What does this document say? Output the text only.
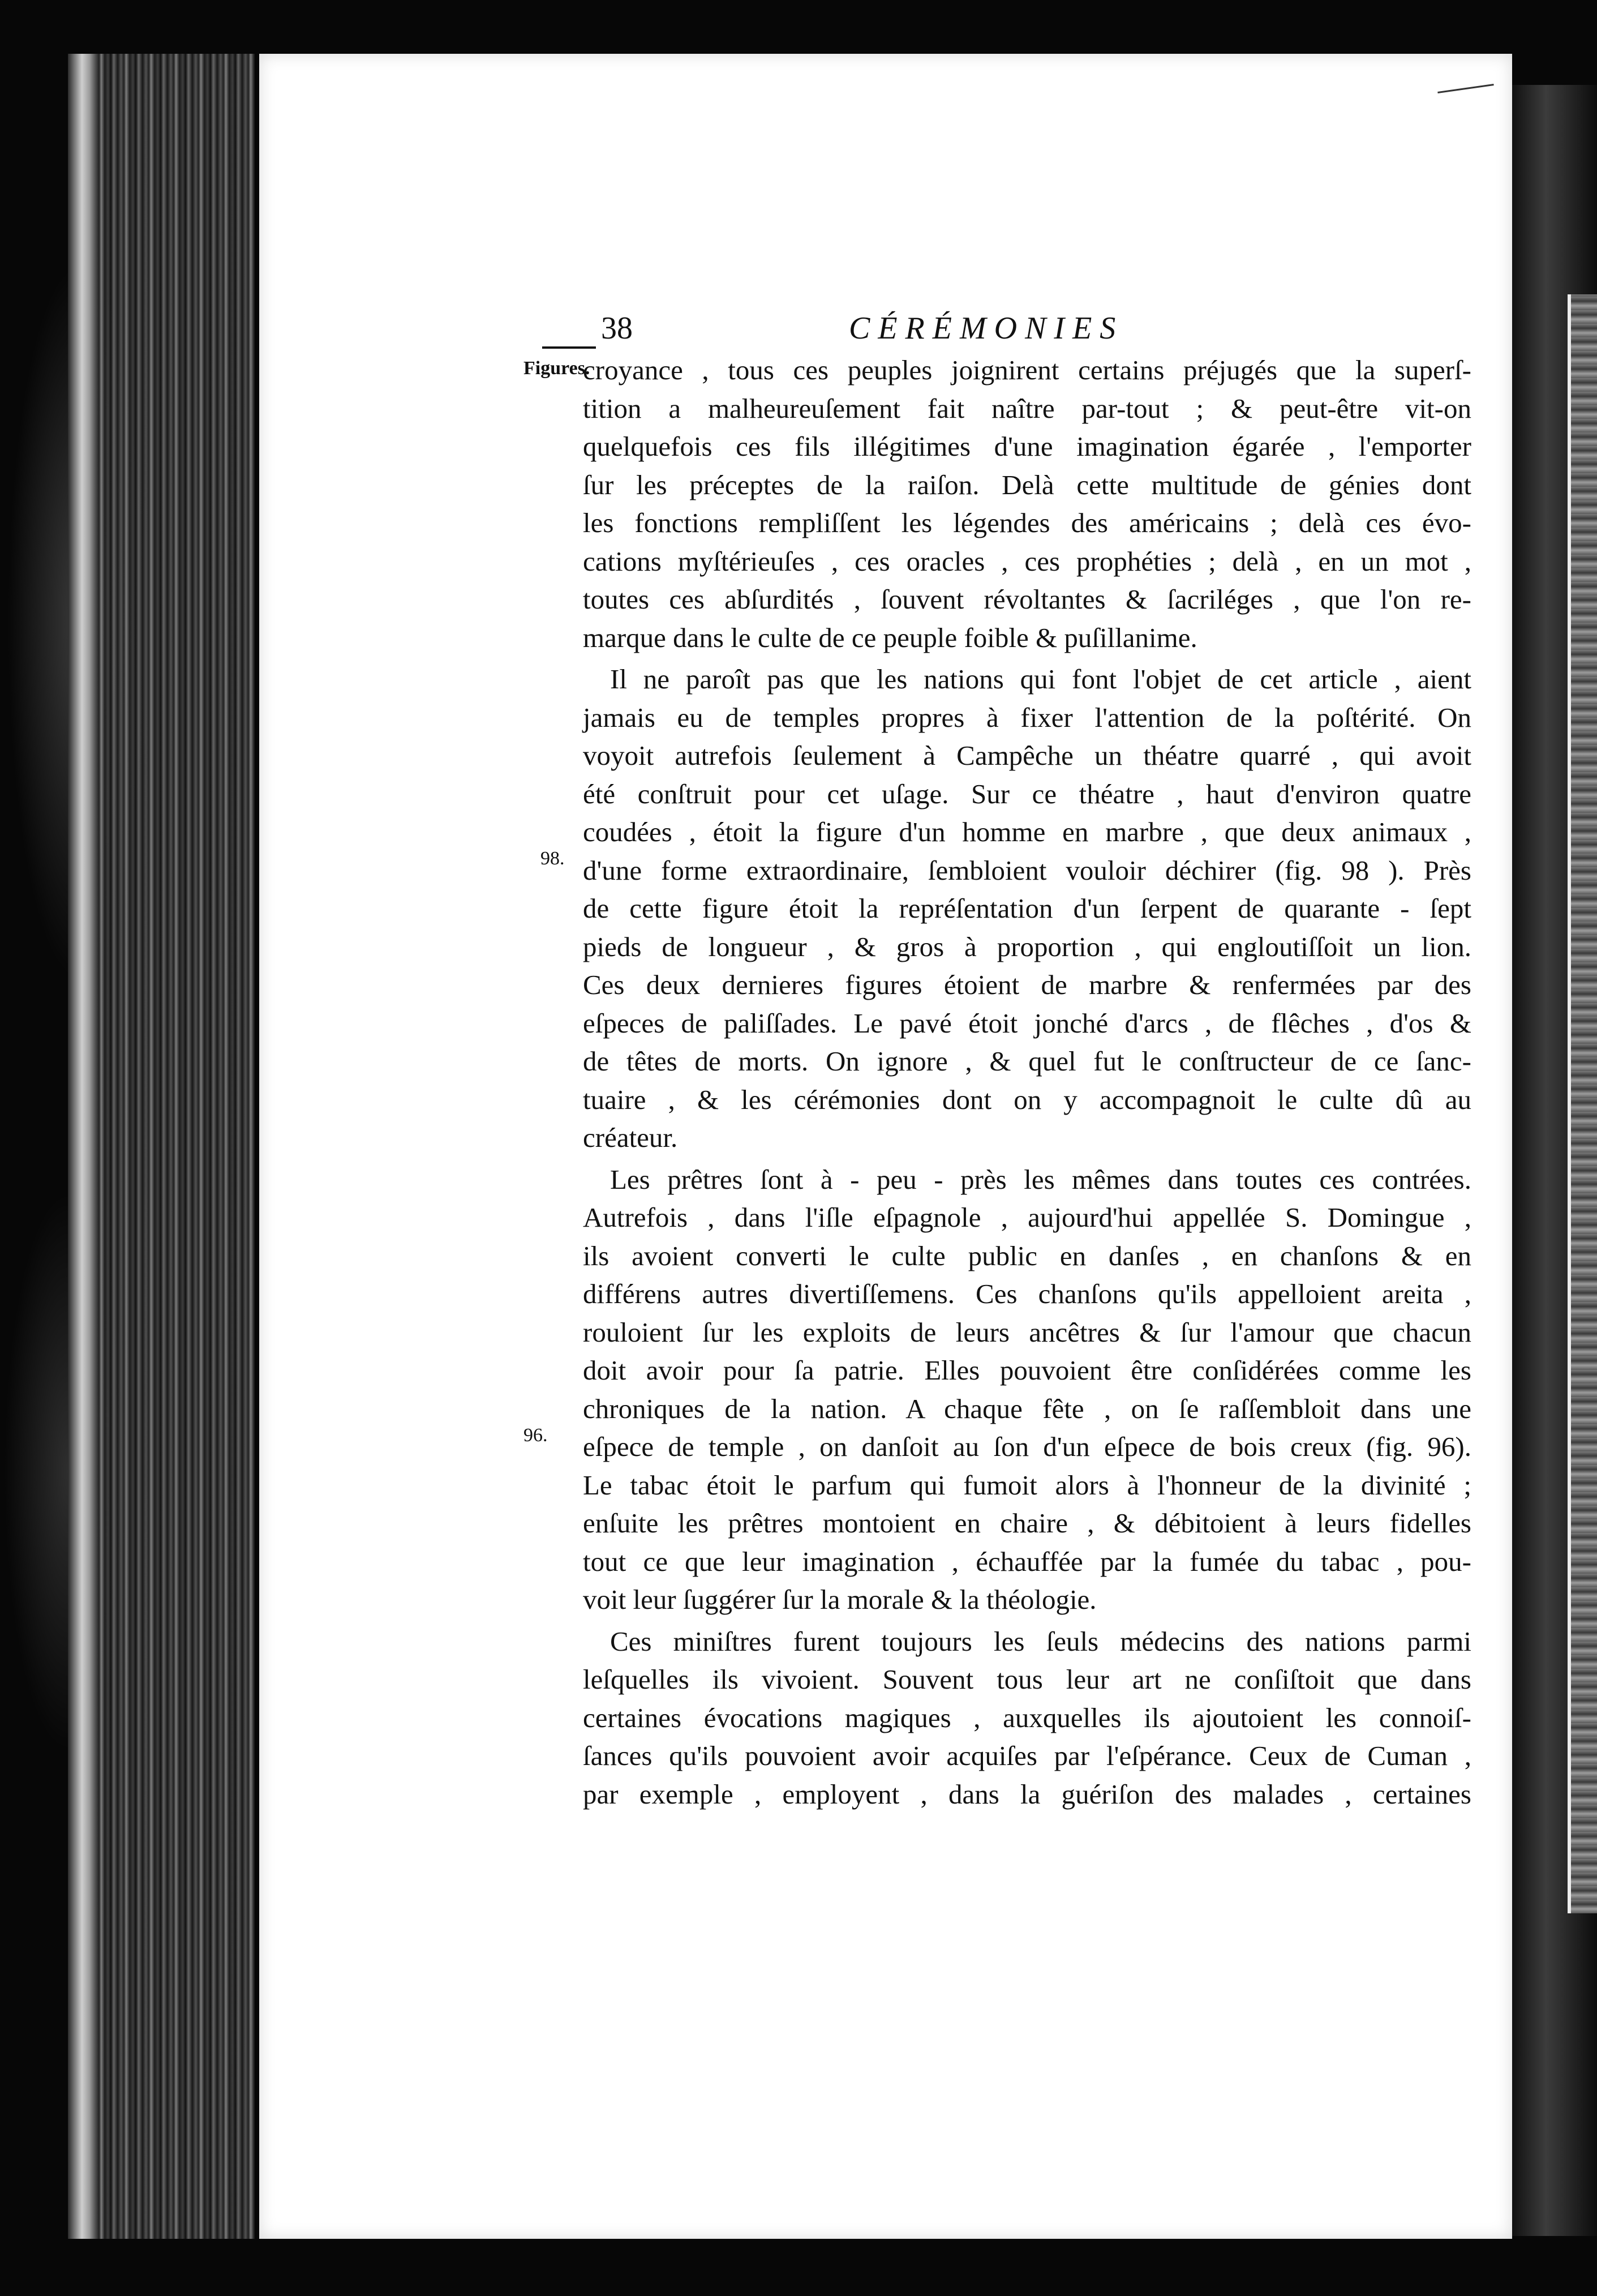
38	CÉRÉMONIES
Figures.
98.
96.
croyance , tous ces peuples joignirent certains préjugés que la superſ-
tition a malheureuſement fait naître par-tout ; & peut-être vit-on
quelquefois ces fils illégitimes d'une imagination égarée , l'emporter
ſur les préceptes de la raiſon. Delà cette multitude de génies dont
les fonctions rempliſſent les légendes des américains ; delà ces évo-
cations myſtérieuſes , ces oracles , ces prophéties ; delà , en un mot ,
toutes ces abſurdités , ſouvent révoltantes & ſacriléges , que l'on re-
marque dans le culte de ce peuple foible & puſillanime.
Il ne paroît pas que les nations qui font l'objet de cet article , aient
jamais eu de temples propres à fixer l'attention de la poſtérité. On
voyoit autrefois ſeulement à Campêche un théatre quarré , qui avoit
été conſtruit pour cet uſage. Sur ce théatre , haut d'environ quatre
coudées , étoit la figure d'un homme en marbre , que deux animaux ,
d'une forme extraordinaire, ſembloient vouloir déchirer (fig. 98 ). Près
de cette figure étoit la repréſentation d'un ſerpent de quarante - ſept
pieds de longueur , & gros à proportion , qui engloutiſſoit un lion.
Ces deux dernieres figures étoient de marbre & renfermées par des
eſpeces de paliſſades. Le pavé étoit jonché d'arcs , de flêches , d'os &
de têtes de morts. On ignore , & quel fut le conſtructeur de ce ſanc-
tuaire , & les cérémonies dont on y accompagnoit le culte dû au
créateur.
Les prêtres ſont à - peu - près les mêmes dans toutes ces contrées.
Autrefois , dans l'iſle eſpagnole , aujourd'hui appellée S. Domingue ,
ils avoient converti le culte public en danſes , en chanſons & en
différens autres divertiſſemens. Ces chanſons qu'ils appelloient areita ,
rouloient ſur les exploits de leurs ancêtres & ſur l'amour que chacun
doit avoir pour ſa patrie. Elles pouvoient être conſidérées comme les
chroniques de la nation. A chaque fête , on ſe raſſembloit dans une
eſpece de temple , on danſoit au ſon d'un eſpece de bois creux (fig. 96).
Le tabac étoit le parfum qui fumoit alors à l'honneur de la divinité ;
enſuite les prêtres montoient en chaire , & débitoient à leurs fidelles
tout ce que leur imagination , échauffée par la fumée du tabac , pou-
voit leur ſuggérer ſur la morale & la théologie.
Ces miniſtres furent toujours les ſeuls médecins des nations parmi
leſquelles ils vivoient. Souvent tous leur art ne conſiſtoit que dans
certaines évocations magiques , auxquelles ils ajoutoient les connoiſ-
ſances qu'ils pouvoient avoir acquiſes par l'eſpérance. Ceux de Cuman ,
par exemple , employent , dans la guériſon des malades , certaines
